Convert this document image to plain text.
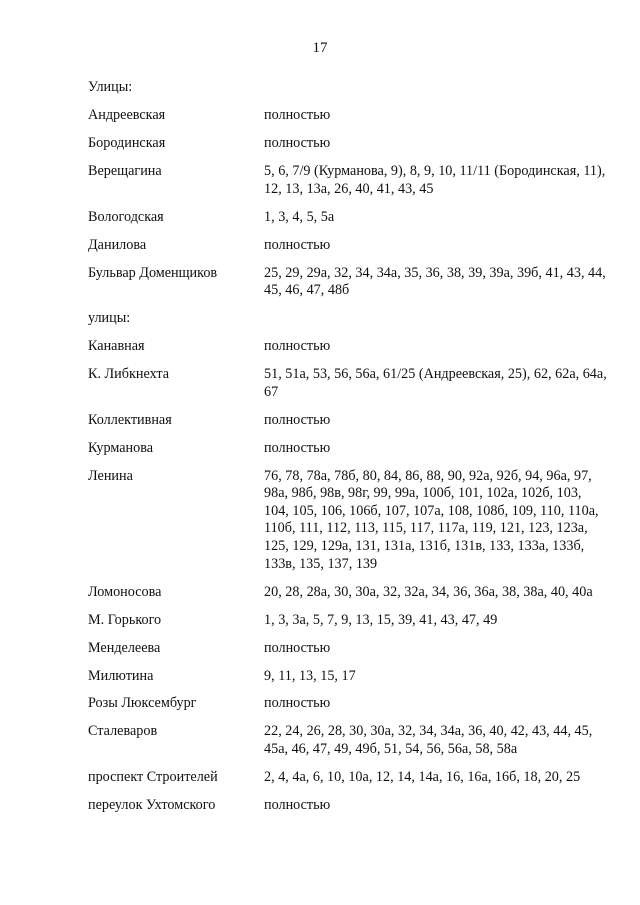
17
Улицы:
Андреевская	полностью
Бородинская	полностью
Верещагина	5, 6, 7/9 (Курманова, 9), 8, 9, 10, 11/11 (Бородинская, 11), 12, 13, 13а, 26, 40, 41, 43, 45
Вологодская	1, 3, 4, 5, 5а
Данилова	полностью
Бульвар Доменщиков	25, 29, 29а, 32, 34, 34а, 35, 36, 38, 39, 39а, 39б, 41, 43, 44, 45, 46, 47, 48б
улицы:
Канавная	полностью
К. Либкнехта	51, 51а, 53, 56, 56а, 61/25 (Андреевская, 25), 62, 62а, 64а, 67
Коллективная	полностью
Курманова	полностью
Ленина	76, 78, 78а, 78б, 80, 84, 86, 88, 90, 92а, 92б, 94, 96а, 97, 98а, 98б, 98в, 98г, 99, 99а, 100б, 101, 102а, 102б, 103, 104, 105, 106, 106б, 107, 107а, 108, 108б, 109, 110, 110а, 110б, 111, 112, 113, 115, 117, 117а, 119, 121, 123, 123а, 125, 129, 129а, 131, 131а, 131б, 131в, 133, 133а, 133б, 133в, 135, 137, 139
Ломоносова	20, 28, 28а, 30, 30а, 32, 32а, 34, 36, 36а, 38, 38а, 40, 40а
М. Горького	1, 3, 3а, 5, 7, 9, 13, 15, 39, 41, 43, 47, 49
Менделеева	полностью
Милютина	9, 11, 13, 15, 17
Розы Люксембург	полностью
Сталеваров	22, 24, 26, 28, 30, 30а, 32, 34, 34а, 36, 40, 42, 43, 44, 45, 45а, 46, 47, 49, 49б, 51, 54, 56, 56а, 58, 58а
проспект Строителей	2, 4, 4а, 6, 10, 10а, 12, 14, 14а, 16, 16а, 16б, 18, 20, 25
переулок Ухтомского	полностью
